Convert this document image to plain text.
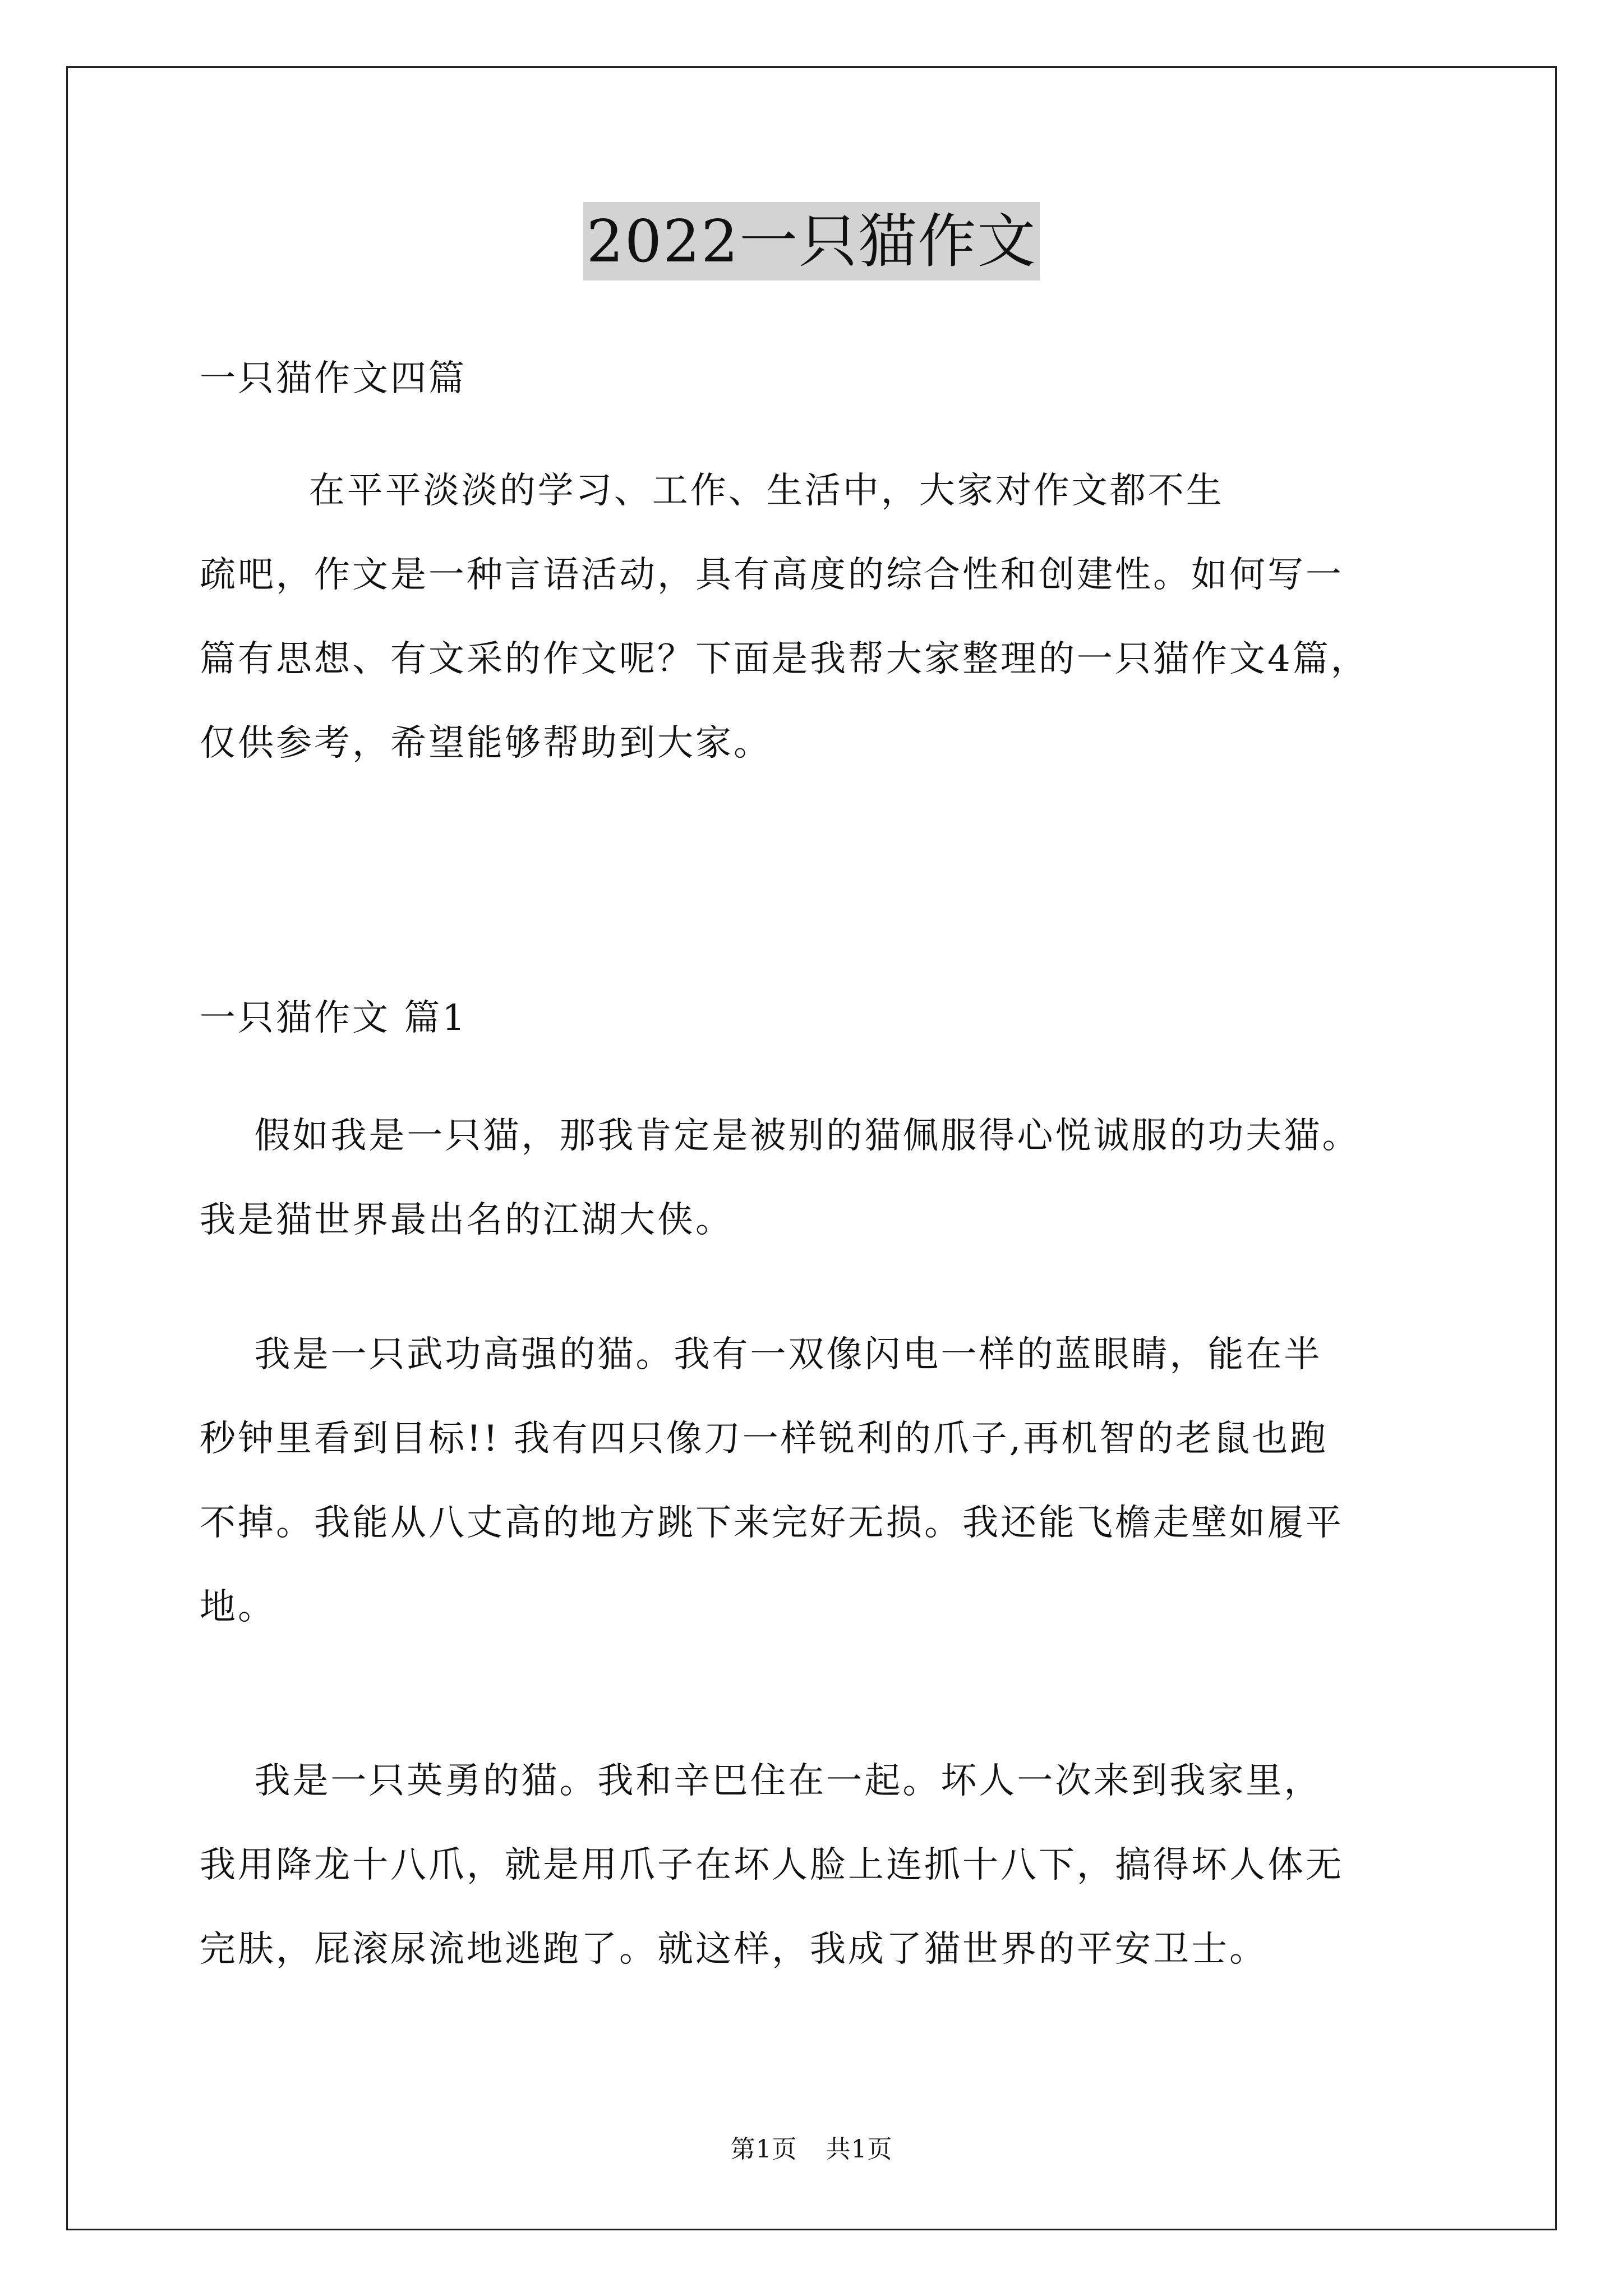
2022一只猫作文
一只猫作文四篇
在平平淡淡的学习、工作、生活中，大家对作文都不生
疏吧，作文是一种言语活动，具有高度的综合性和创建性。如何写一
篇有思想、有文采的作文呢？下面是我帮大家整理的一只猫作文4篇，
仅供参考，希望能够帮助到大家。
一只猫作文 篇1
假如我是一只猫，那我肯定是被别的猫佩服得心悦诚服的功夫猫。
我是猫世界最出名的江湖大侠。
我是一只武功高强的猫。我有一双像闪电一样的蓝眼睛，能在半
秒钟里看到目标!! 我有四只像刀一样锐利的爪子,再机智的老鼠也跑
不掉。我能从八丈高的地方跳下来完好无损。我还能飞檐走壁如履平
地。
我是一只英勇的猫。我和辛巴住在一起。坏人一次来到我家里，
我用降龙十八爪，就是用爪子在坏人脸上连抓十八下，搞得坏人体无
完肤，屁滚尿流地逃跑了。就这样，我成了猫世界的平安卫士。
第1页 共1页
